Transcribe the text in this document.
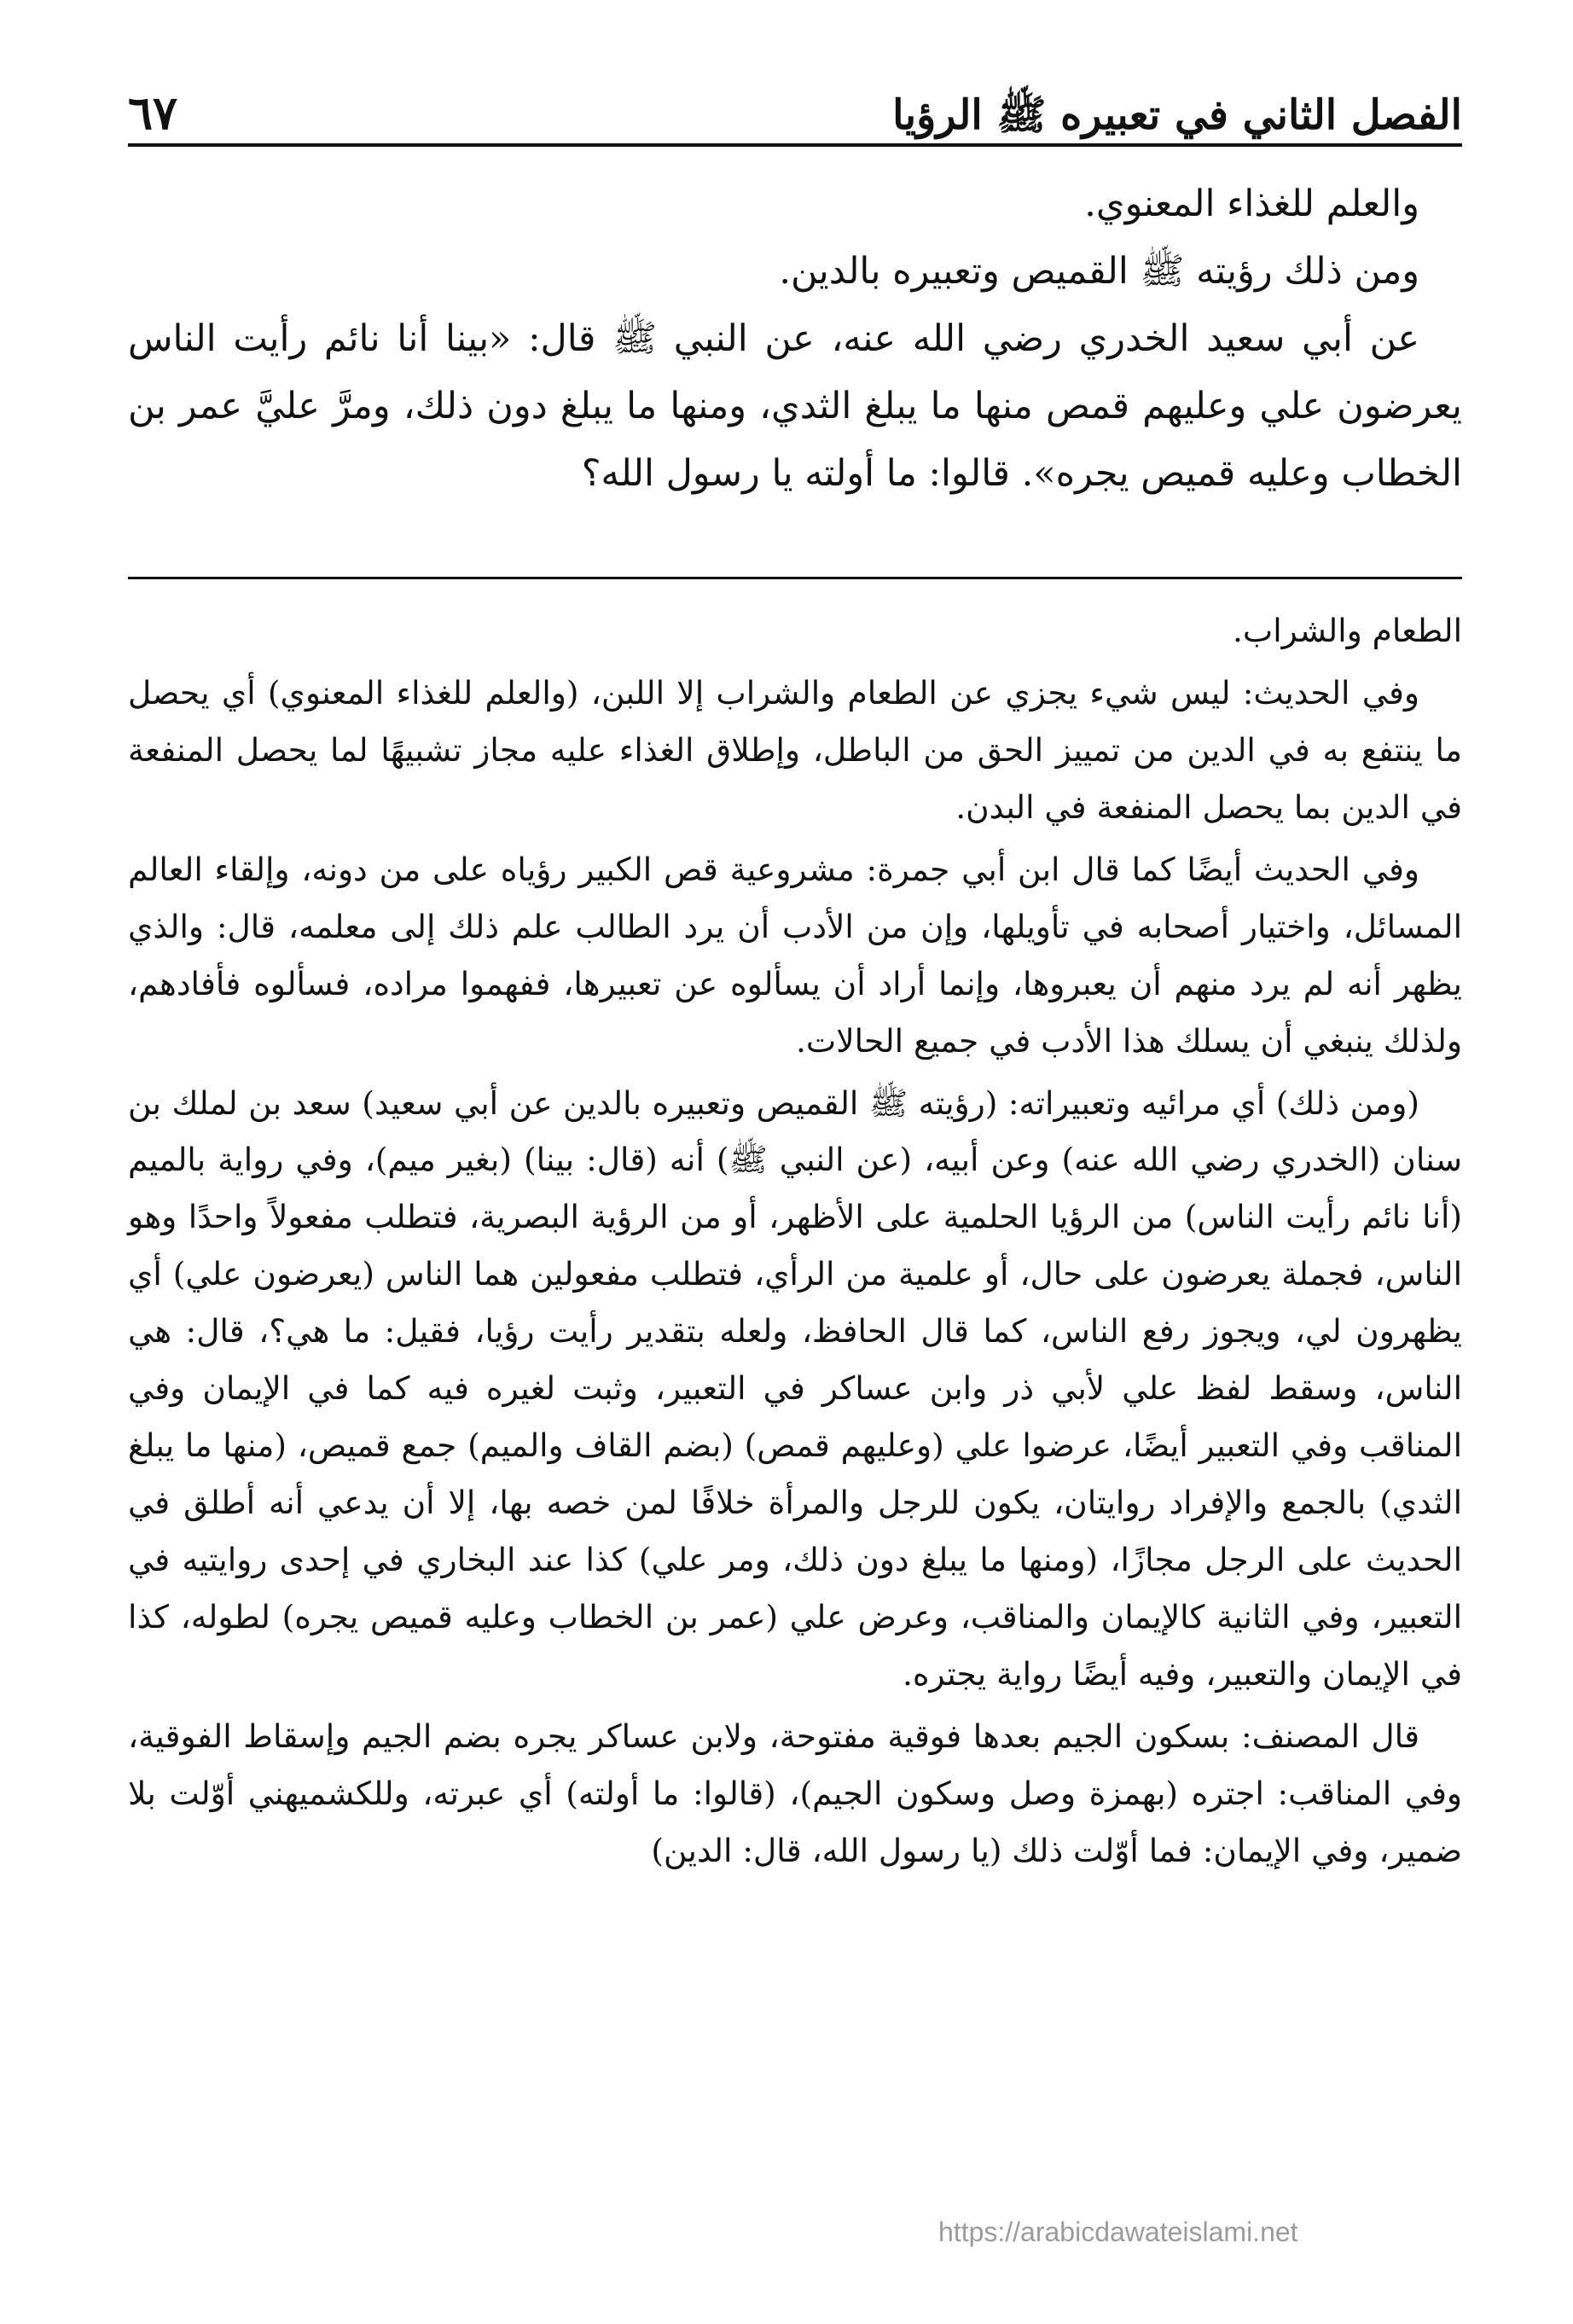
الفصل الثاني في تعبيره ﷺ الرؤيا
٦٧

والعلم للغذاء المعنوي.

ومن ذلك رؤيته ﷺ القميص وتعبيره بالدين.

عن أبي سعيد الخدري رضي الله عنه، عن النبي ﷺ قال: «بينا أنا نائم رأيت الناس يعرضون علي وعليهم قمص منها ما يبلغ الثدي، ومنها ما يبلغ دون ذلك، ومرَّ عليَّ عمر بن الخطاب وعليه قميص يجره». قالوا: ما أولته يا رسول الله؟

الطعام والشراب.

وفي الحديث: ليس شيء يجزي عن الطعام والشراب إلا اللبن، (والعلم للغذاء المعنوي) أي يحصل ما ينتفع به في الدين من تمييز الحق من الباطل، وإطلاق الغذاء عليه مجاز تشبيهًا لما يحصل المنفعة في الدين بما يحصل المنفعة في البدن.

وفي الحديث أيضًا كما قال ابن أبي جمرة: مشروعية قص الكبير رؤياه على من دونه، وإلقاء العالم المسائل، واختيار أصحابه في تأويلها، وإن من الأدب أن يرد الطالب علم ذلك إلى معلمه، قال: والذي يظهر أنه لم يرد منهم أن يعبروها، وإنما أراد أن يسألوه عن تعبيرها، ففهموا مراده، فسألوه فأفادهم، ولذلك ينبغي أن يسلك هذا الأدب في جميع الحالات.

(ومن ذلك) أي مرائيه وتعبيراته: (رؤيته ﷺ القميص وتعبيره بالدين عن أبي سعيد) سعد بن لملك بن سنان (الخدري رضي الله عنه) وعن أبيه، (عن النبي ﷺ) أنه (قال: بينا) (بغير ميم)، وفي رواية بالميم (أنا نائم رأيت الناس) من الرؤيا الحلمية على الأظهر، أو من الرؤية البصرية، فتطلب مفعولاً واحدًا وهو الناس، فجملة يعرضون على حال، أو علمية من الرأي، فتطلب مفعولين هما الناس (يعرضون علي) أي يظهرون لي، ويجوز رفع الناس، كما قال الحافظ، ولعله بتقدير رأيت رؤيا، فقيل: ما هي؟، قال: هي الناس، وسقط لفظ علي لأبي ذر وابن عساكر في التعبير، وثبت لغيره فيه كما في الإيمان وفي المناقب وفي التعبير أيضًا، عرضوا علي (وعليهم قمص) (بضم القاف والميم) جمع قميص، (منها ما يبلغ الثدي) بالجمع والإفراد روايتان، يكون للرجل والمرأة خلافًا لمن خصه بها، إلا أن يدعي أنه أطلق في الحديث على الرجل مجازًا، (ومنها ما يبلغ دون ذلك، ومر علي) كذا عند البخاري في إحدى روايتيه في التعبير، وفي الثانية كالإيمان والمناقب، وعرض علي (عمر بن الخطاب وعليه قميص يجره) لطوله، كذا في الإيمان والتعبير، وفيه أيضًا رواية يجتره.

قال المصنف: بسكون الجيم بعدها فوقية مفتوحة، ولابن عساكر يجره بضم الجيم وإسقاط الفوقية، وفي المناقب: اجتره (بهمزة وصل وسكون الجيم)، (قالوا: ما أولته) أي عبرته، وللكشميهني أوّلت بلا ضمير، وفي الإيمان: فما أوّلت ذلك (يا رسول الله، قال: الدين)

https://arabicdawateislami.net
